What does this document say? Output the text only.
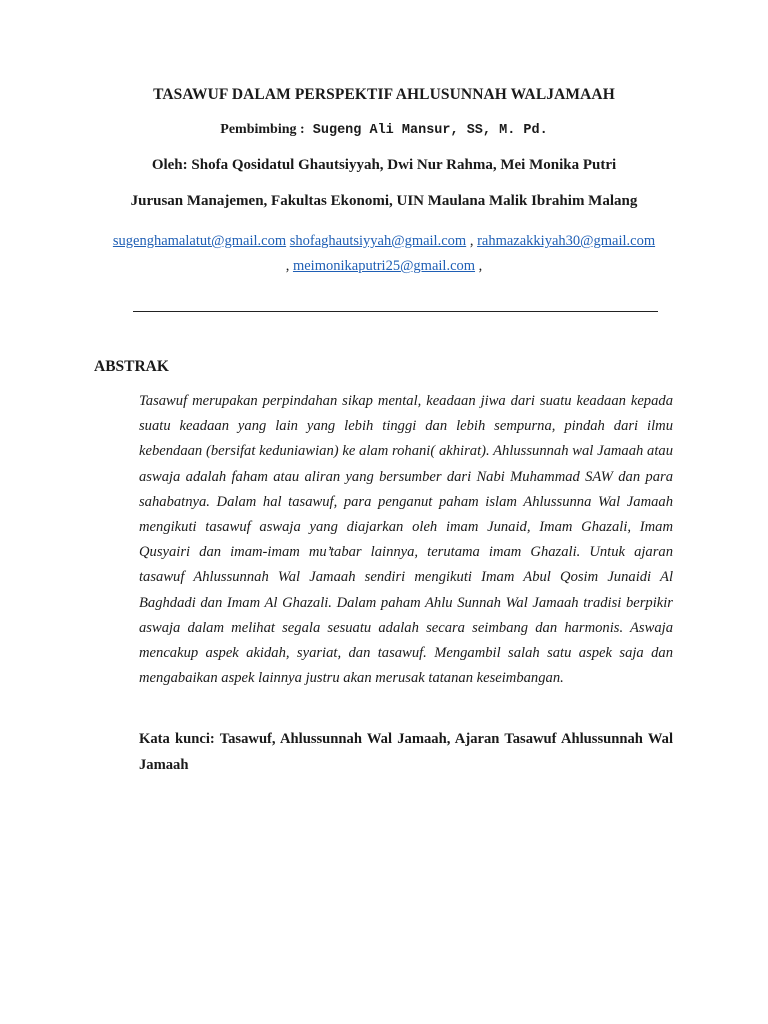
TASAWUF DALAM PERSPEKTIF AHLUSUNNAH WALJAMAAH
Pembimbing : Sugeng Ali Mansur, SS, M. Pd.
Oleh: Shofa Qosidatul Ghautsiyyah, Dwi Nur Rahma, Mei Monika Putri
Jurusan Manajemen, Fakultas Ekonomi, UIN Maulana Malik Ibrahim Malang
sugenghamalatut@gmail.com shofaghautsiyyah@gmail.com , rahmazakkiyah30@gmail.com
, meimonikaputri25@gmail.com ,
ABSTRAK

Tasawuf merupakan perpindahan sikap mental, keadaan jiwa dari suatu keadaan kepada suatu keadaan yang lain yang lebih tinggi dan lebih sempurna, pindah dari ilmu kebendaan (bersifat keduniawian) ke alam rohani( akhirat). Ahlussunnah wal Jamaah atau aswaja adalah faham atau aliran yang bersumber dari Nabi Muhammad SAW dan para sahabatnya. Dalam hal tasawuf, para penganut paham islam Ahlussunna Wal Jamaah mengikuti tasawuf aswaja yang diajarkan oleh imam Junaid, Imam Ghazali, Imam Qusyairi dan imam-imam mu’tabar lainnya, terutama imam Ghazali. Untuk ajaran tasawuf Ahlussunnah Wal Jamaah sendiri mengikuti Imam Abul Qosim Junaidi Al Baghdadi dan Imam Al Ghazali. Dalam paham Ahlu Sunnah Wal Jamaah tradisi berpikir aswaja dalam melihat segala sesuatu adalah secara seimbang dan harmonis. Aswaja mencakup aspek akidah, syariat, dan tasawuf. Mengambil salah satu aspek saja dan mengabaikan aspek lainnya justru akan merusak tatanan keseimbangan.

Kata kunci: Tasawuf, Ahlussunnah Wal Jamaah, Ajaran Tasawuf Ahlussunnah Wal Jamaah
